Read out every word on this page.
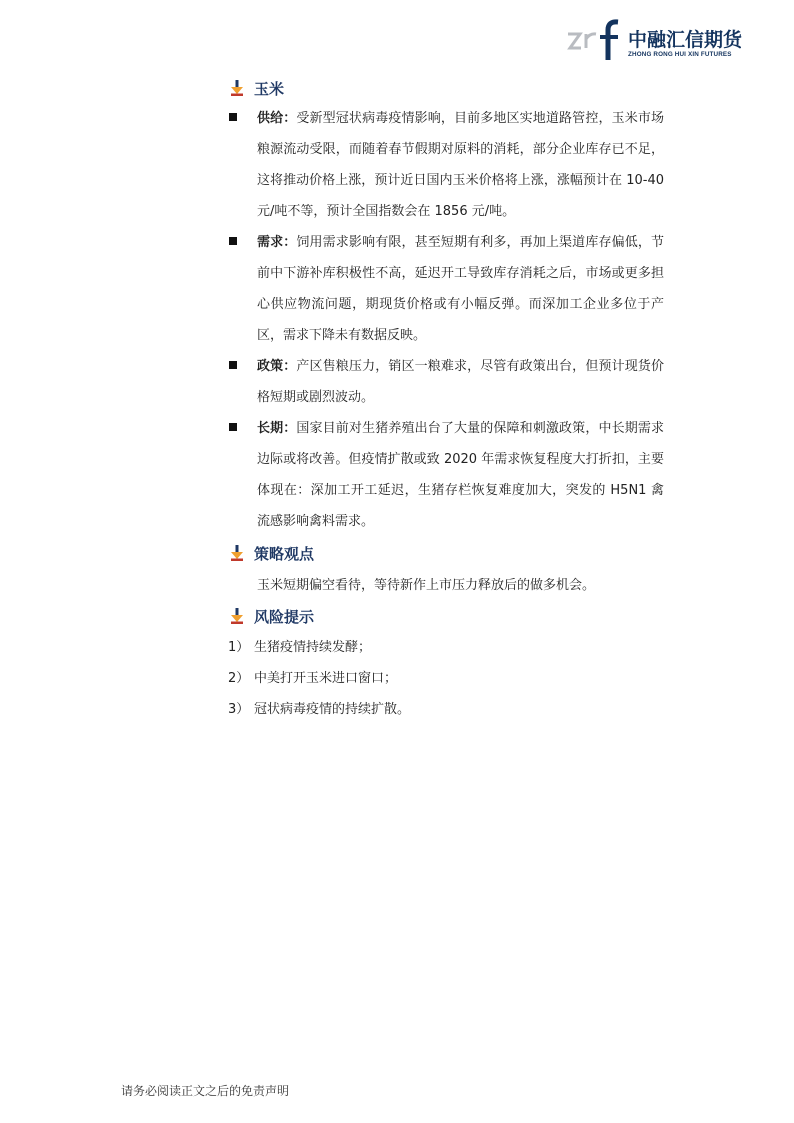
中融汇信期货
ZHONG RONG HUI XIN FUTURES
玉米
供给：受新型冠状病毒疫情影响，目前多地区实地道路管控，玉米市场粮源流动受限，而随着春节假期对原料的消耗，部分企业库存已不足，这将推动价格上涨，预计近日国内玉米价格将上涨，涨幅预计在 10-40 元/吨不等，预计全国指数会在 1856 元/吨。
需求：饲用需求影响有限，甚至短期有利多，再加上渠道库存偏低，节前中下游补库积极性不高，延迟开工导致库存消耗之后，市场或更多担心供应物流问题，期现货价格或有小幅反弹。而深加工企业多位于产区，需求下降未有数据反映。
政策：产区售粮压力，销区一粮难求，尽管有政策出台，但预计现货价格短期或剧烈波动。
长期：国家目前对生猪养殖出台了大量的保障和刺激政策，中长期需求边际或将改善。但疫情扩散或致 2020 年需求恢复程度大打折扣，主要体现在：深加工开工延迟，生猪存栏恢复难度加大，突发的 H5N1 禽流感影响禽料需求。
策略观点
玉米短期偏空看待，等待新作上市压力释放后的做多机会。
风险提示
1） 生猪疫情持续发酵；
2） 中美打开玉米进口窗口；
3） 冠状病毒疫情的持续扩散。
请务必阅读正文之后的免责声明
